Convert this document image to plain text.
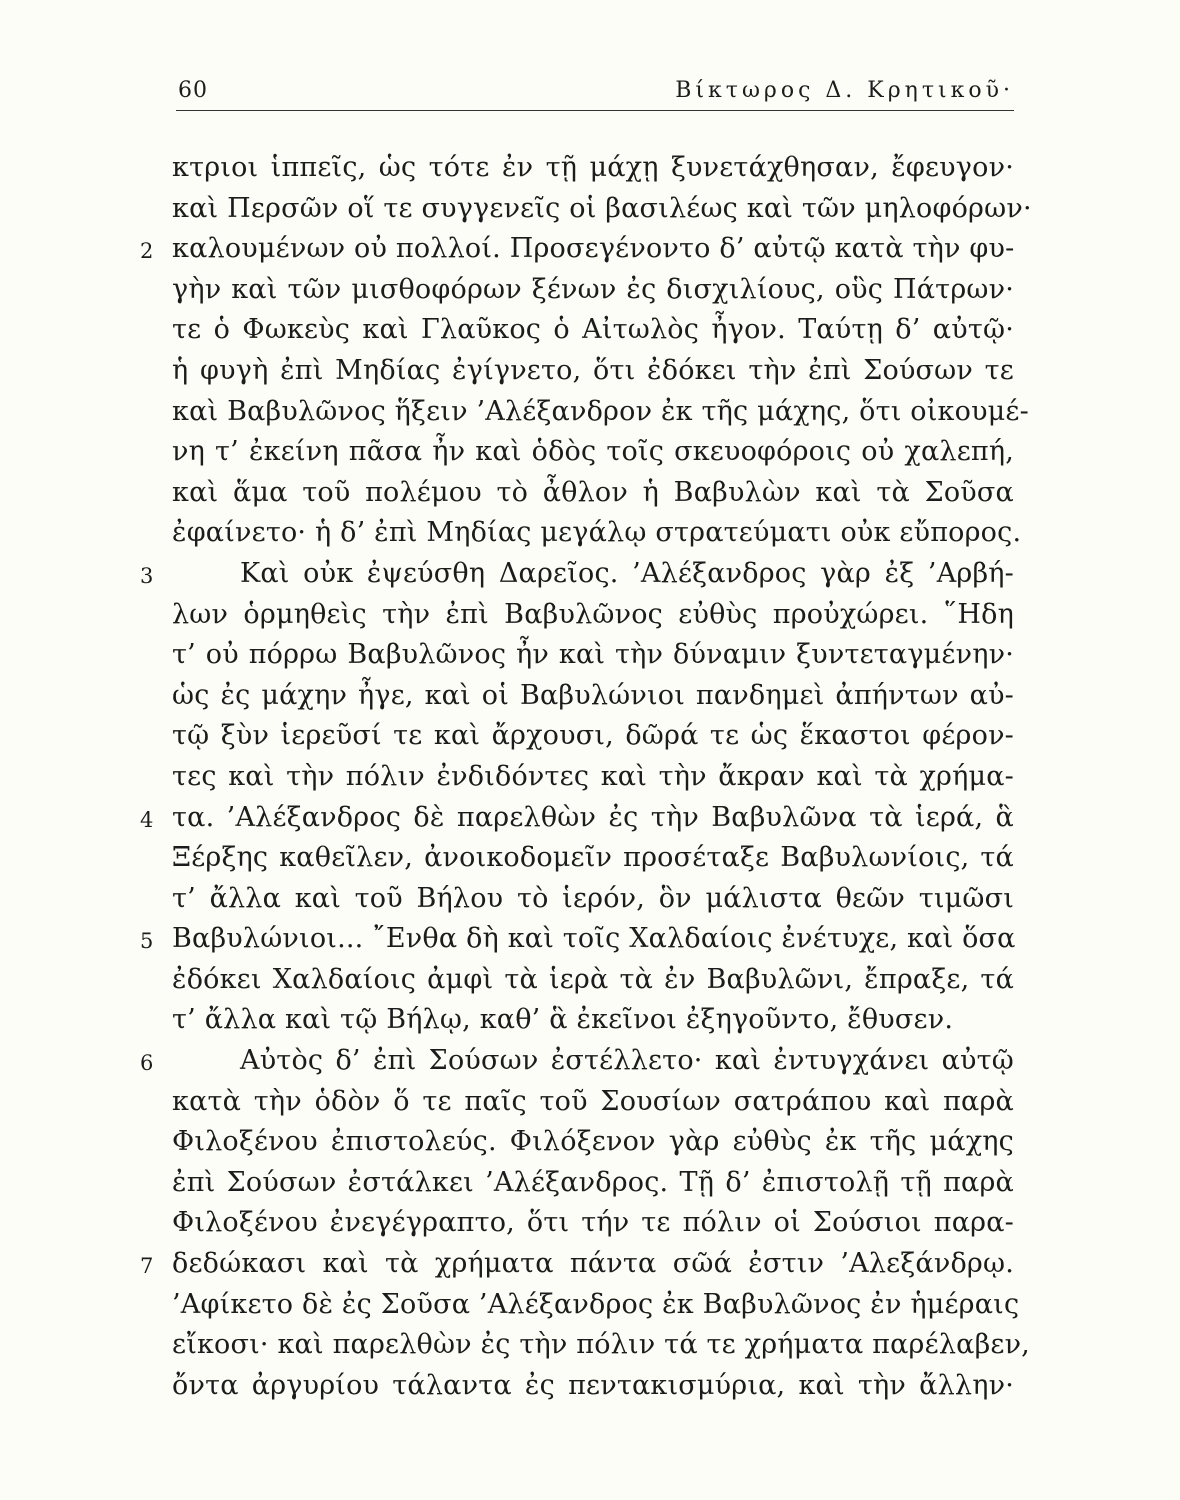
60	Βίκτωρος Δ. Κρητικοῦ·
κτριοι ἱππεῖς, ὡς τότε ἐν τῇ μάχῃ ξυνετάχθησαν, ἔφευγον·
καὶ Περσῶν οἵ τε συγγενεῖς οἱ βασιλέως καὶ τῶν μηλοφόρων·
2 καλουμένων οὐ πολλοί. Προσεγένοντο δ’ αὐτῷ κατὰ τὴν φυ-
γὴν καὶ τῶν μισθοφόρων ξένων ἐς δισχιλίους, οὓς Πάτρων·
τε ὁ Φωκεὺς καὶ Γλαῦκος ὁ Αἰτωλὸς ἦγον. Ταύτῃ δ’ αὐτῷ·
ἡ φυγὴ ἐπὶ Μηδίας ἐγίγνετο, ὅτι ἐδόκει τὴν ἐπὶ Σούσων τε
καὶ Βαβυλῶνος ἥξειν ’Αλέξανδρον ἐκ τῆς μάχης, ὅτι οἰκουμέ-
νη τ’ ἐκείνη πᾶσα ἦν καὶ ὁδὸς τοῖς σκευοφόροις οὐ χαλεπή,
καὶ ἅμα τοῦ πολέμου τὸ ἆθλον ἡ Βαβυλὼν καὶ τὰ Σοῦσα
ἐφαίνετο· ἡ δ’ ἐπὶ Μηδίας μεγάλῳ στρατεύματι οὐκ εὔπορος.
3	Καὶ οὐκ ἐψεύσθη Δαρεῖος. ’Αλέξανδρος γὰρ ἐξ ’Αρβή-
λων ὁρμηθεὶς τὴν ἐπὶ Βαβυλῶνος εὐθὺς προὐχώρει. ῞Ηδη
τ’ οὐ πόρρω Βαβυλῶνος ἦν καὶ τὴν δύναμιν ξυντεταγμένην·
ὡς ἐς μάχην ἦγε, καὶ οἱ Βαβυλώνιοι πανδημεὶ ἀπήντων αὐ-
τῷ ξὺν ἱερεῦσί τε καὶ ἄρχουσι, δῶρά τε ὡς ἕκαστοι φέρον-
τες καὶ τὴν πόλιν ἐνδιδόντες καὶ τὴν ἄκραν καὶ τὰ χρήμα-
4 τα. ’Αλέξανδρος δὲ παρελθὼν ἐς τὴν Βαβυλῶνα τὰ ἱερά, ἃ
Ξέρξης καθεῖλεν, ἀνοικοδομεῖν προσέταξε Βαβυλωνίοις, τά
τ’ ἄλλα καὶ τοῦ Βήλου τὸ ἱερόν, ὃν μάλιστα θεῶν τιμῶσι
5 Βαβυλώνιοι... ῎Ενθα δὴ καὶ τοῖς Χαλδαίοις ἐνέτυχε, καὶ ὅσα
ἐδόκει Χαλδαίοις ἀμφὶ τὰ ἱερὰ τὰ ἐν Βαβυλῶνι, ἔπραξε, τά
τ’ ἄλλα καὶ τῷ Βήλῳ, καθ’ ἃ ἐκεῖνοι ἐξηγοῦντο, ἔθυσεν.
6	Αὐτὸς δ’ ἐπὶ Σούσων ἐστέλλετο· καὶ ἐντυγχάνει αὐτῷ
κατὰ τὴν ὁδὸν ὅ τε παῖς τοῦ Σουσίων σατράπου καὶ παρὰ
Φιλοξένου ἐπιστολεύς. Φιλόξενον γὰρ εὐθὺς ἐκ τῆς μάχης
ἐπὶ Σούσων ἐστάλκει ’Αλέξανδρος. Τῇ δ’ ἐπιστολῇ τῇ παρὰ
Φιλοξένου ἐνεγέγραπτο, ὅτι τήν τε πόλιν οἱ Σούσιοι παρα-
7 δεδώκασι καὶ τὰ χρήματα πάντα σῶά ἐστιν ’Αλεξάνδρῳ.
’Αφίκετο δὲ ἐς Σοῦσα ’Αλέξανδρος ἐκ Βαβυλῶνος ἐν ἡμέραις
εἴκοσι· καὶ παρελθὼν ἐς τὴν πόλιν τά τε χρήματα παρέλαβεν,
ὄντα ἀργυρίου τάλαντα ἐς πεντακισμύρια, καὶ τὴν ἄλλην·
